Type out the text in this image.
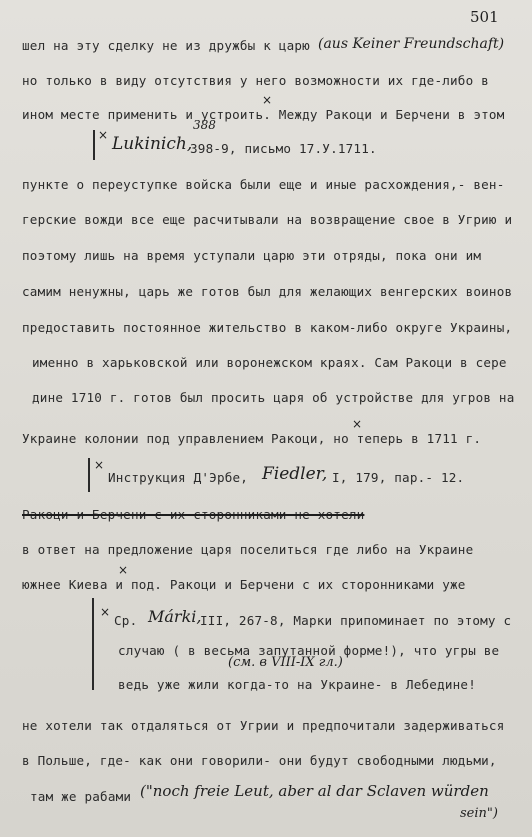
501
шел на эту сделку не из дружбы к царю (aus Keiner Freundschaft)
но только в виду отсутствия у него возможности их где-либо в
ином месте применить и устроить. Между Ракоци и Берчени в этом
×
× Lukinich,
388
398-9, письмо 17.У.1711.
пункте о переуступке войска были еще и иные расхождения,- вен-
герские вожди все еще расчитывали на возвращение свое в Угрию и
поэтому лишь на время уступали царю эти отряды, пока они им
самим ненужны, царь же готов был для желающих венгерских воинов
предоставить постоянное жительство в каком-либо округе Украины,
именно в харьковской или воронежском краях. Сам Ракоци в сере
дине 1710 г. готов был просить царя об устройстве для угров на
Украине колонии под управлением Ракоци, но теперь в 1711 г.
×
×
Инструкция Д'Эрбе, Fiedler, I, 179, пар.- 12.
Ракоци и Берчени с их сторонниками не хотели
в ответ на предложение царя поселиться где либо на Украине
южнее Киева и под. Ракоци и Берчени с их сторонниками уже
×
×
Ср. Márki,
III, 267-8, Марки припоминает по этому с
случаю ( в весьма запутанной форме!), что угры ве
(см. в VIII-IX гл.)
ведь уже жили когда-то на Украине- в Лебедине!
не хотели так отдаляться от Угрии и предпочитали задерживаться
в Польше, где- как они говорили- они будут свободными людьми,
там же рабами ("noch freie Leut, aber al dar Sclaven würden
sein")
